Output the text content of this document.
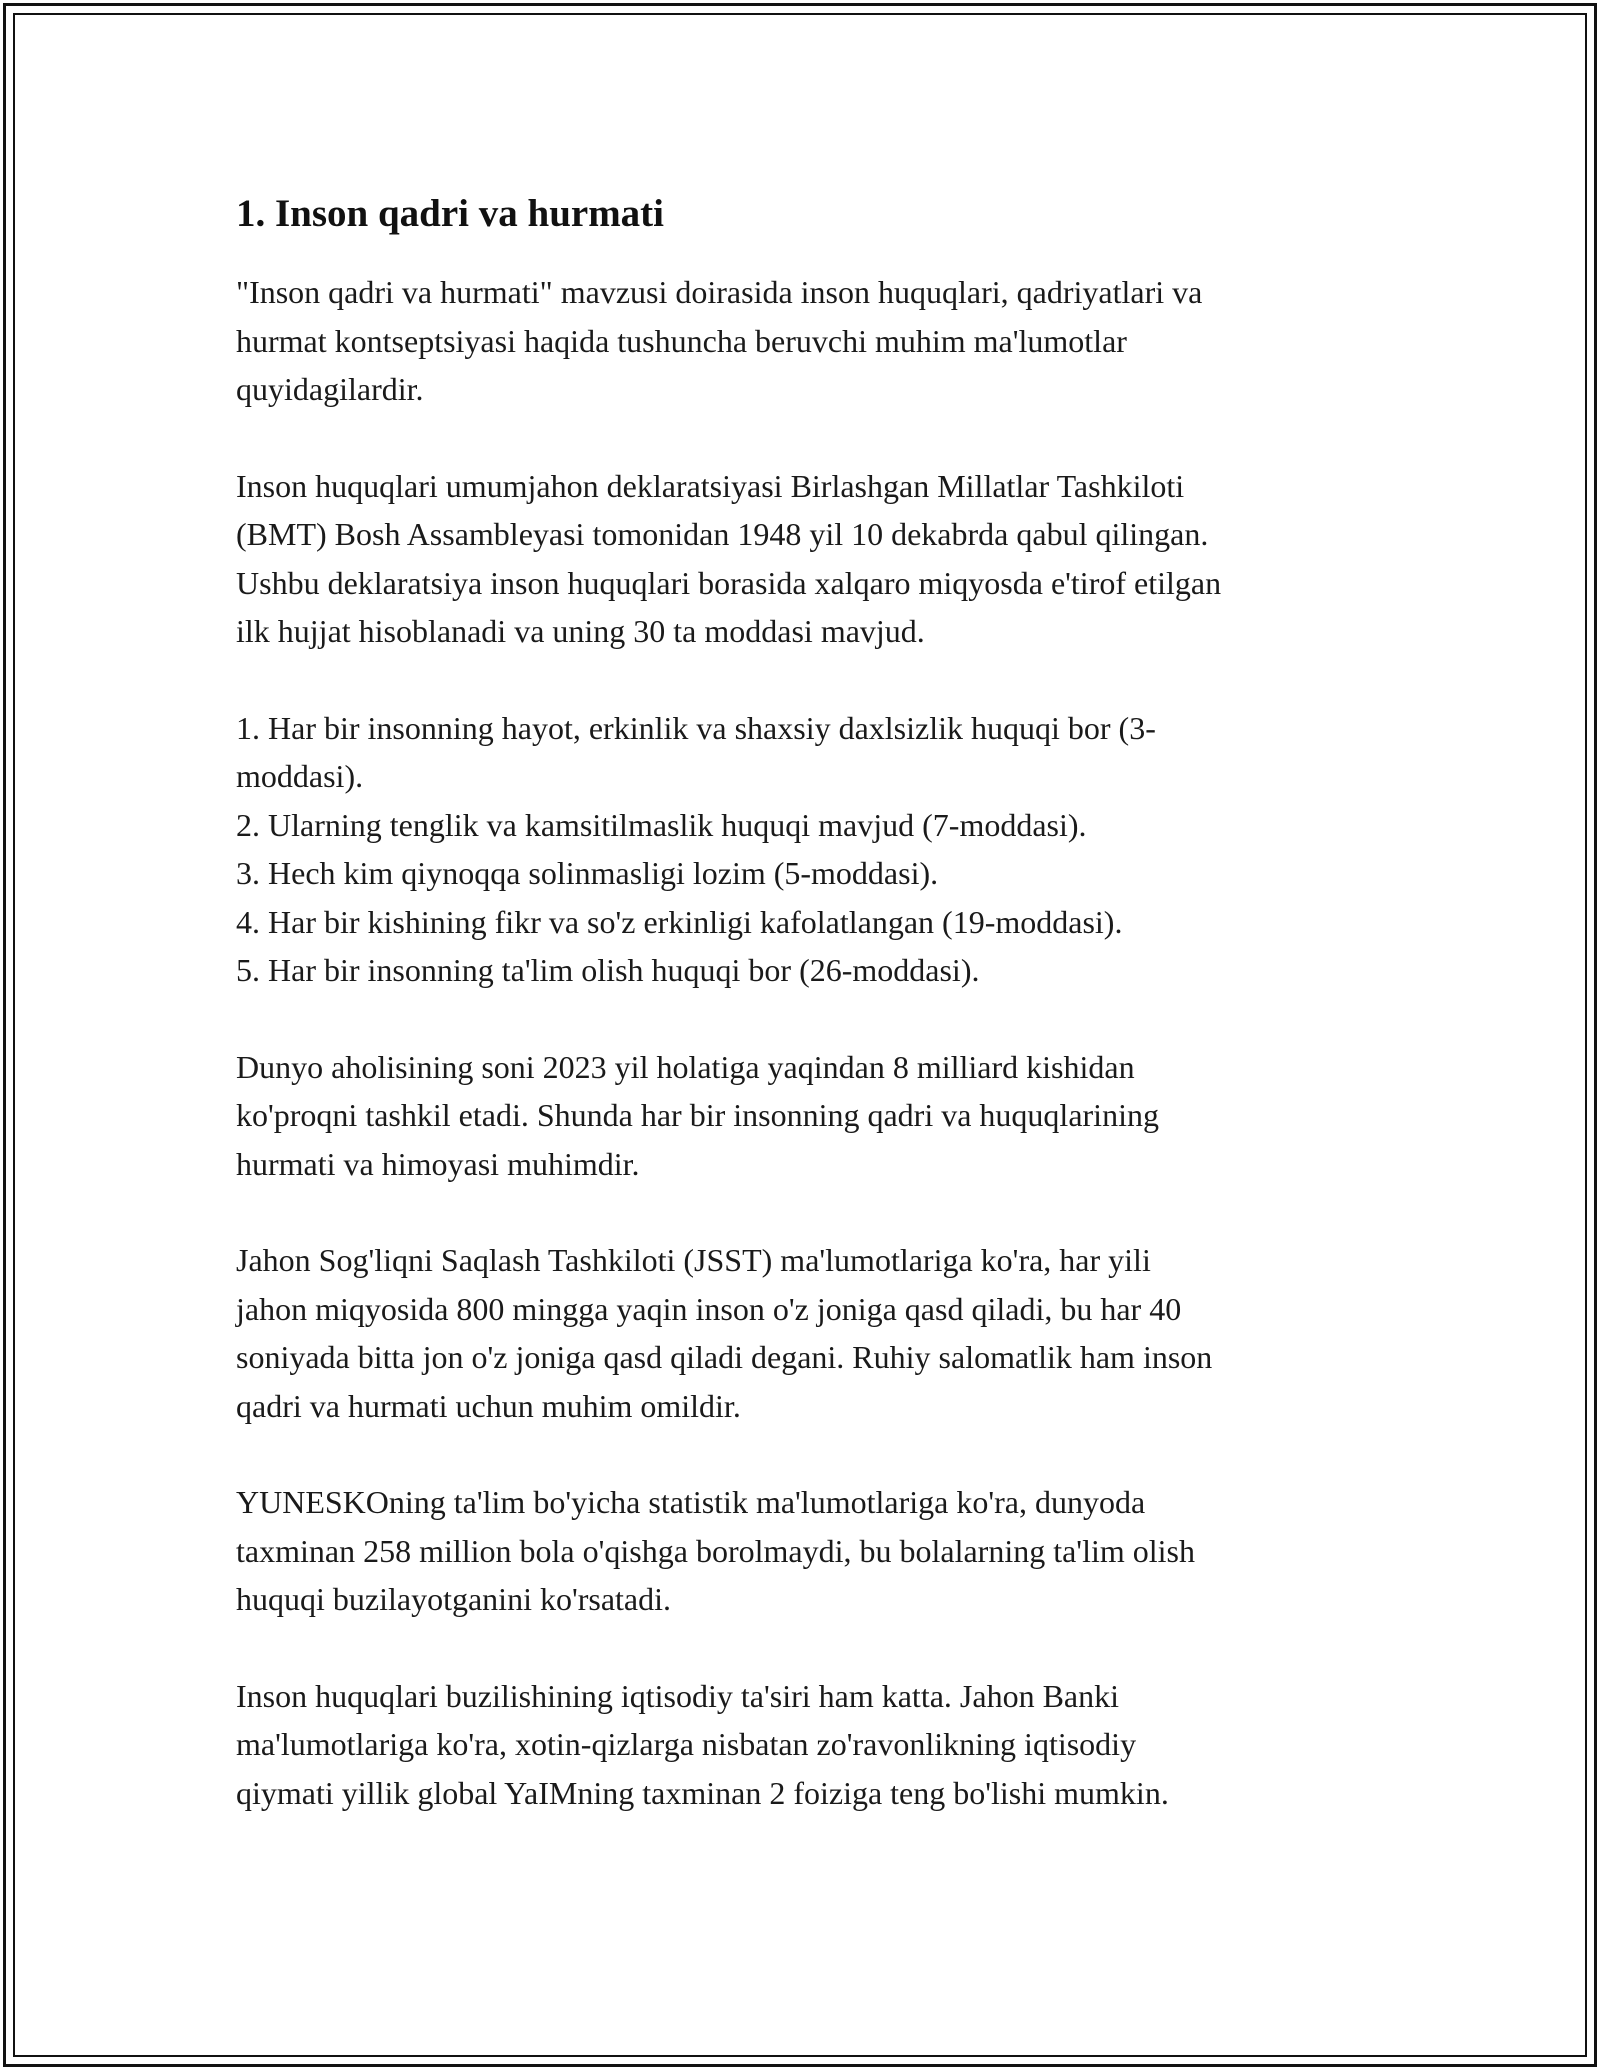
1. Inson qadri va hurmati

"Inson qadri va hurmati" mavzusi doirasida inson huquqlari, qadriyatlari va
hurmat kontseptsiyasi haqida tushuncha beruvchi muhim ma'lumotlar
quyidagilardir.

Inson huquqlari umumjahon deklaratsiyasi Birlashgan Millatlar Tashkiloti
(BMT) Bosh Assambleyasi tomonidan 1948 yil 10 dekabrda qabul qilingan.
Ushbu deklaratsiya inson huquqlari borasida xalqaro miqyosda e'tirof etilgan
ilk hujjat hisoblanadi va uning 30 ta moddasi mavjud.

1. Har bir insonning hayot, erkinlik va shaxsiy daxlsizlik huquqi bor (3-
moddasi).
2. Ularning tenglik va kamsitilmaslik huquqi mavjud (7-moddasi).
3. Hech kim qiynoqqa solinmasligi lozim (5-moddasi).
4. Har bir kishining fikr va so'z erkinligi kafolatlangan (19-moddasi).
5. Har bir insonning ta'lim olish huquqi bor (26-moddasi).

Dunyo aholisining soni 2023 yil holatiga yaqindan 8 milliard kishidan
ko'proqni tashkil etadi. Shunda har bir insonning qadri va huquqlarining
hurmati va himoyasi muhimdir.

Jahon Sog'liqni Saqlash Tashkiloti (JSST) ma'lumotlariga ko'ra, har yili
jahon miqyosida 800 mingga yaqin inson o'z joniga qasd qiladi, bu har 40
soniyada bitta jon o'z joniga qasd qiladi degani. Ruhiy salomatlik ham inson
qadri va hurmati uchun muhim omildir.

YUNESKOning ta'lim bo'yicha statistik ma'lumotlariga ko'ra, dunyoda
taxminan 258 million bola o'qishga borolmaydi, bu bolalarning ta'lim olish
huquqi buzilayotganini ko'rsatadi.

Inson huquqlari buzilishining iqtisodiy ta'siri ham katta. Jahon Banki
ma'lumotlariga ko'ra, xotin-qizlarga nisbatan zo'ravonlikning iqtisodiy
qiymati yillik global YaIMning taxminan 2 foiziga teng bo'lishi mumkin.
